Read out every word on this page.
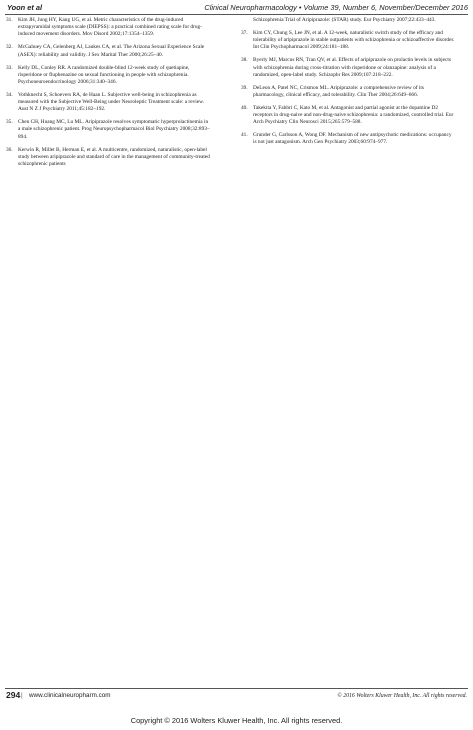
Yoon et al	Clinical Neuropharmacology • Volume 39, Number 6, November/December 2016
31. Kim JH, Jung HY, Kang UG, et al. Metric characteristics of the drug-induced extrapyramidal symptoms scale (DIEPSS): a practical combined rating scale for drug-induced movement disorders. Mov Disord 2002;17:1354–1359.
32. McGahuey CA, Gelenberg AJ, Laukes CA, et al. The Arizona Sexual Experience Scale (ASEX): reliability and validity. J Sex Marital Ther 2000;26:25–40.
33. Kelly DL, Conley RR. A randomized double-blind 12-week study of quetiapine, risperidone or fluphenazine on sexual functioning in people with schizophrenia. Psychoneuroendocrinology 2006;31:340–346.
34. Vothknecht S, Schoevers RA, de Haan L. Subjective well-being in schizophrenia as measured with the Subjective Well-Being under Neuroleptic Treatment scale: a review. Aust N Z J Psychiatry 2011;45:182–192.
35. Chen CH, Huang MC, Lu ML. Aripiprazole resolves symptomatic hyperprolactinemia in a male schizophrenic patient. Prog Neuropsychopharmacol Biol Psychiatry 2008;32:893–894.
36. Kerwin R, Millet B, Herman E, et al. A multicentre, randomized, naturalistic, open-label study between aripiprazole and standard of care in the management of community-treated schizophrenic patients
Schizophrenia Trial of Aripiprazole: (STAR) study. Eur Psychiatry 2007;22:433–443.
37. Kim CY, Chung S, Lee JN, et al. A 12-week, naturalistic switch study of the efficacy and tolerability of aripiprazole in stable outpatients with schizophrenia or schizoaffective disorder. Int Clin Psychopharmacol 2009;24:181–188.
38. Byerly MJ, Marcus RN, Tran QV, et al. Effects of aripiprazole on prolactin levels in subjects with schizophrenia during cross-titration with risperidone or olanzapine: analysis of a randomized, open-label study. Schizophr Res 2009;107:218–222.
39. DeLeon A, Patel NC, Crismon ML. Aripiprazole: a comprehensive review of its pharmacology, clinical efficacy, and tolerability. Clin Ther 2004;26:649–666.
40. Takekita Y, Fabbri C, Kato M, et al. Antagonist and partial agonist at the dopamine D2 receptors in drug-naive and non-drug-naive schizophrenia: a randomized, controlled trial. Eur Arch Psychiatry Clin Neurosci 2015;265:579–588.
41. Grunder G, Carlsson A, Wong DF. Mechanism of new antipsychotic medications: occupancy is not just antagonism. Arch Gen Psychiatry 2003;60:974–977.
294 | www.clinicalneuropharm.com	© 2016 Wolters Kluwer Health, Inc. All rights reserved.
Copyright © 2016 Wolters Kluwer Health, Inc. All rights reserved.
